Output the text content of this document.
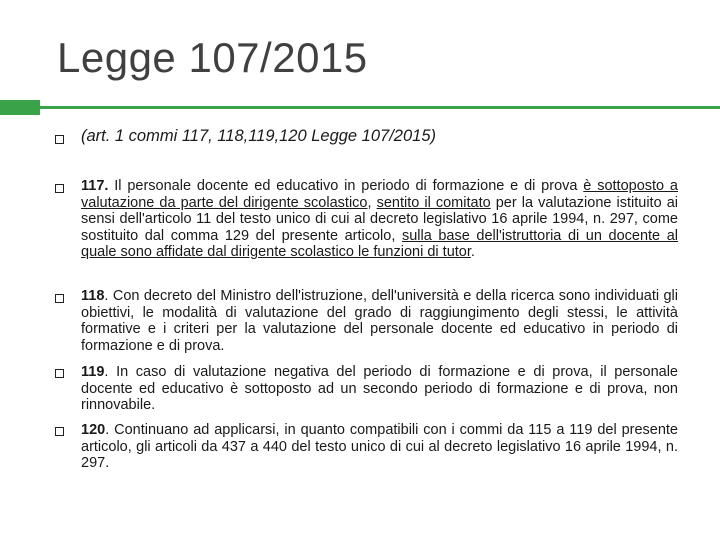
Legge 107/2015
(art. 1 commi 117, 118,119,120 Legge 107/2015)
117. Il personale docente ed educativo in periodo di formazione e di prova è sottoposto a valutazione da parte del dirigente scolastico, sentito il comitato per la valutazione istituito ai sensi dell'articolo 11 del testo unico di cui al decreto legislativo 16 aprile 1994, n. 297, come sostituito dal comma 129 del presente articolo, sulla base dell'istruttoria di un docente al quale sono affidate dal dirigente scolastico le funzioni di tutor.
118. Con decreto del Ministro dell'istruzione, dell'università e della ricerca sono individuati gli obiettivi, le modalità di valutazione del grado di raggiungimento degli stessi, le attività formative e i criteri per la valutazione del personale docente ed educativo in periodo di formazione e di prova.
119. In caso di valutazione negativa del periodo di formazione e di prova, il personale docente ed educativo è sottoposto ad un secondo periodo di formazione e di prova, non rinnovabile.
120. Continuano ad applicarsi, in quanto compatibili con i commi da 115 a 119 del presente articolo, gli articoli da 437 a 440 del testo unico di cui al decreto legislativo 16 aprile 1994, n. 297.
